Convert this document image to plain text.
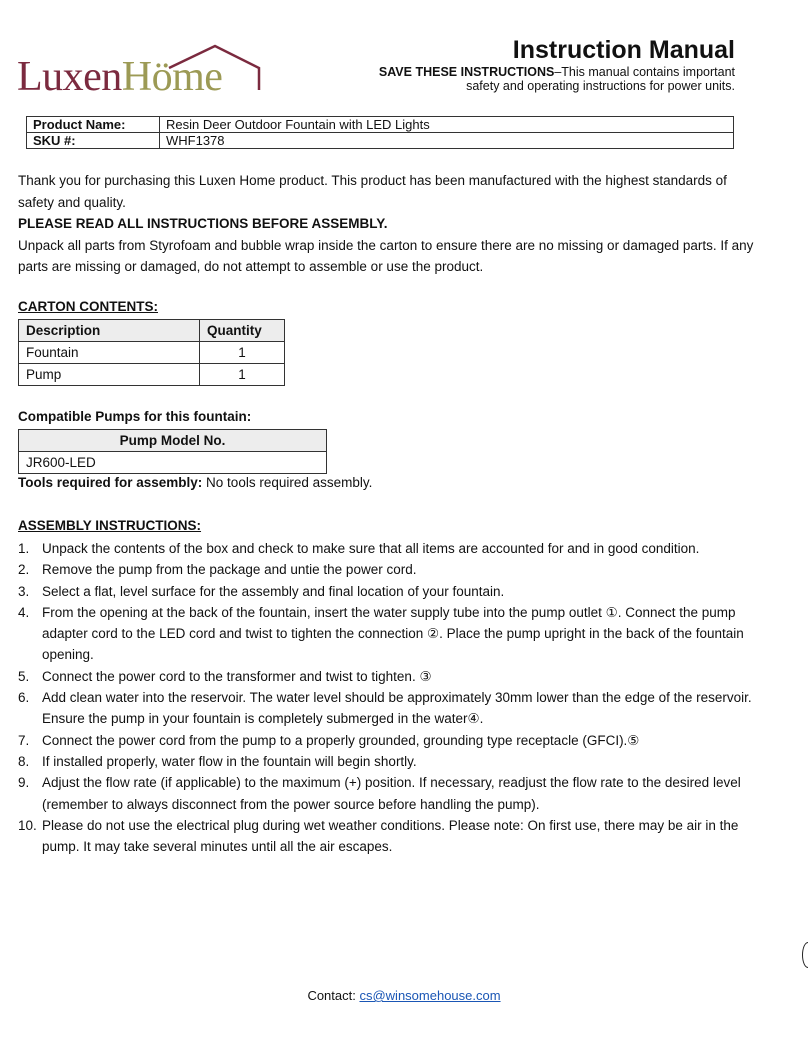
LuxenHöme
Instruction Manual
SAVE THESE INSTRUCTIONS–This manual contains important
safety and operating instructions for power units.
Product Name:	Resin Deer Outdoor Fountain with LED Lights
SKU #:	WHF1378

Thank you for purchasing this Luxen Home product. This product has been manufactured with the highest standards of safety and quality.

PLEASE READ ALL INSTRUCTIONS BEFORE ASSEMBLY.

Unpack all parts from Styrofoam and bubble wrap inside the carton to ensure there are no missing or damaged parts. If any parts are missing or damaged, do not attempt to assemble or use the product.

CARTON CONTENTS:
Description	Quantity
Fountain	1
Pump	1
Compatible Pumps for this fountain:
Pump Model No.
JR600-LED
Tools required for assembly: No tools required assembly.
ASSEMBLY INSTRUCTIONS:
1. Unpack the contents of the box and check to make sure that all items are accounted for and in good condition.
2. Remove the pump from the package and untie the power cord.
3. Select a flat, level surface for the assembly and final location of your fountain.
4. From the opening at the back of the fountain, insert the water supply tube into the pump outlet ①. Connect the pump adapter cord to the LED cord and twist to tighten the connection ②. Place the pump upright in the back of the fountain opening.
5. Connect the power cord to the transformer and twist to tighten. ③
6. Add clean water into the reservoir. The water level should be approximately 30mm lower than the edge of the reservoir. Ensure the pump in your fountain is completely submerged in the water④.
7. Connect the power cord from the pump to a properly grounded, grounding type receptacle (GFCI).⑤
8. If installed properly, water flow in the fountain will begin shortly.
9. Adjust the flow rate (if applicable) to the maximum (+) position. If necessary, readjust the flow rate to the desired level (remember to always disconnect from the power source before handling the pump).
10. Please do not use the electrical plug during wet weather conditions. Please note: On first use, there may be air in the pump. It may take several minutes until all the air escapes.
Contact: cs@winsomehouse.com
